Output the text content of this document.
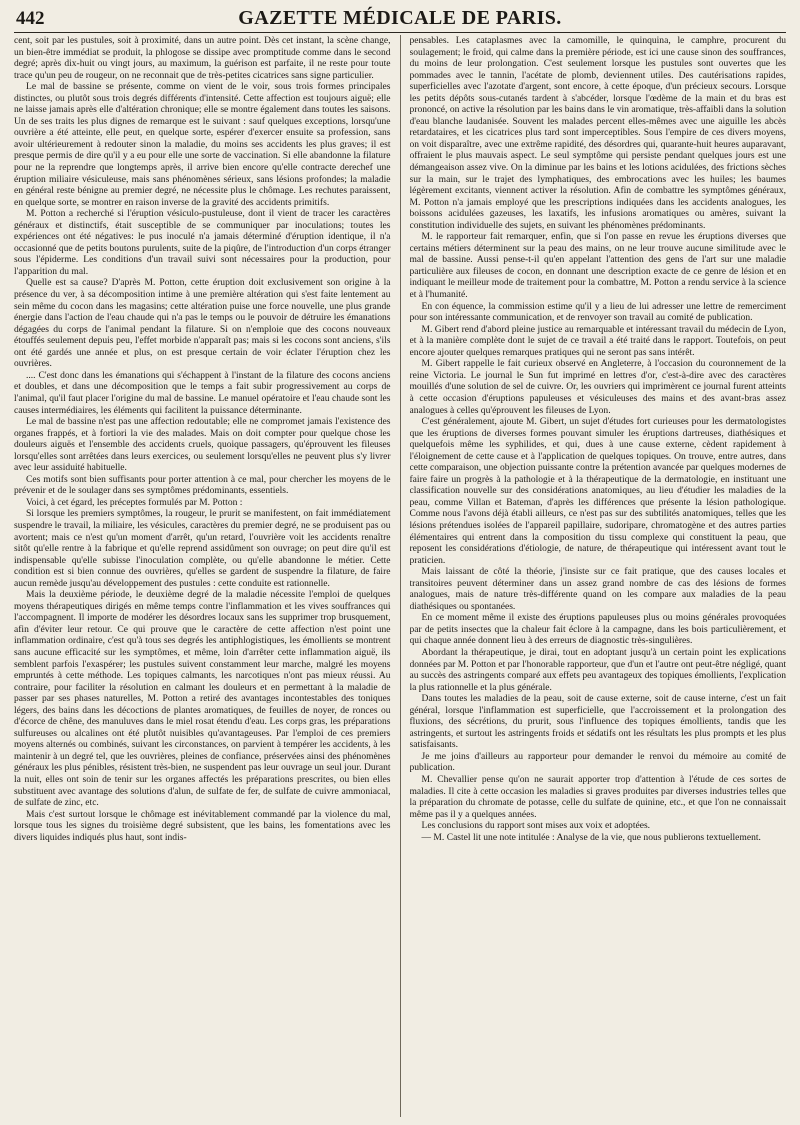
442	GAZETTE MÉDICALE DE PARIS.

cent, soit par les pustules, soit à proximité, dans un autre point. Dès cet instant, la scène change, un bien-être immédiat se produit, la phlogose se dissipe avec promptitude comme dans le second degré; après dix-huit ou vingt jours, au maximum, la guérison est parfaite, il ne reste pour toute trace qu'un peu de rougeur, on ne reconnait que de très-petites cicatrices sans signe particulier.

Le mal de bassine se présente, comme on vient de le voir, sous trois formes principales distinctes, ou plutôt sous trois degrés différents d'intensité. Cette affection est toujours aiguë; elle ne laisse jamais après elle d'altération chronique; elle se montre également dans toutes les saisons. Un de ses traits les plus dignes de remarque est le suivant : sauf quelques exceptions, lorsqu'une ouvrière a été atteinte, elle peut, en quelque sorte, espérer d'exercer ensuite sa profession, sans avoir ultérieurement à redouter sinon la maladie, du moins ses accidents les plus graves; il est presque permis de dire qu'il y a eu pour elle une sorte de vaccination. Si elle abandonne la filature pour ne la reprendre que longtemps après, il arrive bien encore qu'elle contracte derechef une éruption miliaire vésiculeuse, mais sans phénomènes sérieux, sans lésions profondes; la maladie en général reste bénigne au premier degré, ne nécessite plus le chômage. Les rechutes paraissent, en quelque sorte, se montrer en raison inverse de la gravité des accidents primitifs.

M. Potton a recherché si l'éruption vésiculo-pustuleuse, dont il vient de tracer les caractères généraux et distinctifs, était susceptible de se communiquer par inoculations; toutes les expériences ont été négatives: le pus inoculé n'a jamais déterminé d'éruption identique, il n'a occasionné que de petits boutons purulents, suite de la piqûre, de l'introduction d'un corps étranger sous l'épiderme. Les conditions d'un travail suivi sont nécessaires pour la production, pour l'apparition du mal.

Quelle est sa cause? D'après M. Potton, cette éruption doit exclusivement son origine à la présence du ver, à sa décomposition intime à une première altération qui s'est faite lentement au sein même du cocon dans les magasins; cette altération puise une force nouvelle, une plus grande énergie dans l'action de l'eau chaude qui n'a pas le temps ou le pouvoir de détruire les émanations dégagées du corps de l'animal pendant la filature. Si on n'emploie que des cocons nouveaux étouffés seulement depuis peu, l'effet morbide n'apparaît pas; mais si les cocons sont anciens, s'ils ont été gardés une année et plus, on est presque certain de voir éclater l'éruption chez les ouvrières.

.... C'est donc dans les émanations qui s'échappent à l'instant de la filature des cocons anciens et doubles, et dans une décomposition que le temps a fait subir progressivement au corps de l'animal, qu'il faut placer l'origine du mal de bassine. Le manuel opératoire et l'eau chaude sont les causes intermédiaires, les éléments qui facilitent la puissance déterminante.

Le mal de bassine n'est pas une affection redoutable; elle ne compromet jamais l'existence des organes frappés, et à fortiori la vie des malades. Mais on doit compter pour quelque chose les douleurs aiguës et l'ensemble des accidents cruels, quoique passagers, qu'éprouvent les fileuses lorsqu'elles sont arrêtées dans leurs exercices, ou seulement lorsqu'elles ne peuvent plus s'y livrer avec leur assiduité habituelle.

Ces motifs sont bien suffisants pour porter attention à ce mal, pour chercher les moyens de le prévenir et de le soulager dans ses symptômes prédominants, essentiels.

Voici, à cet égard, les préceptes formulés par M. Potton :

Si lorsque les premiers symptômes, la rougeur, le prurit se manifestent, on fait immédiatement suspendre le travail, la miliaire, les vésicules, caractères du premier degré, ne se produisent pas ou avortent; mais ce n'est qu'un moment d'arrêt, qu'un retard, l'ouvrière voit les accidents renaître sitôt qu'elle rentre à la fabrique et qu'elle reprend assidûment son ouvrage; on peut dire qu'il est indispensable qu'elle subisse l'inoculation complète, ou qu'elle abandonne le métier. Cette condition est si bien connue des ouvrières, qu'elles se gardent de suspendre la filature, de faire aucun remède jusqu'au développement des pustules : cette conduite est rationnelle.

Mais la deuxième période, le deuxième degré de la maladie nécessite l'emploi de quelques moyens thérapeutiques dirigés en même temps contre l'inflammation et les vives souffrances qui l'accompagnent. Il importe de modérer les désordres locaux sans les supprimer trop brusquement, afin d'éviter leur retour. Ce qui prouve que le caractère de cette affection n'est point une inflammation ordinaire, c'est qu'à tous ses degrés les antiphlogistiques, les émollients se montrent sans aucune efficacité sur les symptômes, et même, loin d'arrêter cette inflammation aiguë, ils semblent parfois l'exaspérer; les pustules suivent constamment leur marche, malgré les moyens empruntés à cette méthode. Les topiques calmants, les narcotiques n'ont pas mieux réussi. Au contraire, pour faciliter la résolution en calmant les douleurs et en permettant à la maladie de passer par ses phases naturelles, M. Potton a retiré des avantages incontestables des toniques légers, des bains dans les décoctions de plantes aromatiques, de feuilles de noyer, de ronces ou d'écorce de chêne, des manuluves dans le miel rosat étendu d'eau. Les corps gras, les préparations sulfureuses ou alcalines ont été plutôt nuisibles qu'avantageuses. Par l'emploi de ces premiers moyens alternés ou combinés, suivant les circonstances, on parvient à tempérer les accidents, à les maintenir à un degré tel, que les ouvrières, pleines de confiance, préservées ainsi des phénomènes généraux les plus pénibles, résistent très-bien, ne suspendent pas leur ouvrage un seul jour. Durant la nuit, elles ont soin de tenir sur les organes affectés les préparations prescrites, ou bien elles substituent avec avantage des solutions d'alun, de sulfate de fer, de sulfate de cuivre ammoniacal, de sulfate de zinc, etc.

Mais c'est surtout lorsque le chômage est inévitablement commandé par la violence du mal, lorsque tous les signes du troisième degré subsistent, que les bains, les fomentations avec les divers liquides indiqués plus haut, sont indis-

pensables. Les cataplasmes avec la camomille, le quinquina, le camphre, procurent du soulagement; le froid, qui calme dans la première période, est ici une cause sinon des souffrances, du moins de leur prolongation. C'est seulement lorsque les pustules sont ouvertes que les pommades avec le tannin, l'acétate de plomb, deviennent utiles. Des cautérisations rapides, superficielles avec l'azotate d'argent, sont encore, à cette époque, d'un précieux secours. Lorsque les petits dépôts sous-cutanés tardent à s'abcéder, lorsque l'œdème de la main et du bras est prononcé, on active la résolution par les bains dans le vin aromatique, très-affaibli dans la solution d'eau blanche laudanisée. Souvent les malades percent elles-mêmes avec une aiguille les abcès retardataires, et les cicatrices plus tard sont imperceptibles. Sous l'empire de ces divers moyens, on voit disparaître, avec une extrême rapidité, des désordres qui, quarante-huit heures auparavant, offraient le plus mauvais aspect. Le seul symptôme qui persiste pendant quelques jours est une démangeaison assez vive. On la diminue par les bains et les lotions acidulées, des frictions sèches sur la main, sur le trajet des lymphatiques, des embrocations avec les huiles; les baumes légèrement excitants, viennent activer la résolution. Afin de combattre les symptômes généraux, M. Potton n'a jamais employé que les prescriptions indiquées dans les accidents analogues, les boissons acidulées gazeuses, les laxatifs, les infusions aromatiques ou amères, suivant la constitution individuelle des sujets, en suivant les phénomènes prédominants.

M. le rapporteur fait remarquer, enfin, que si l'on passe en revue les éruptions diverses que certains métiers déterminent sur la peau des mains, on ne leur trouve aucune similitude avec le mal de bassine. Aussi pense-t-il qu'en appelant l'attention des gens de l'art sur une maladie particulière aux fileuses de cocon, en donnant une description exacte de ce genre de lésion et en indiquant le meilleur mode de traitement pour la combattre, M. Potton a rendu service à la science et à l'humanité.

En con équence, la commission estime qu'il y a lieu de lui adresser une lettre de remerciment pour son intéressante communication, et de renvoyer son travail au comité de publication.

M. Gibert rend d'abord pleine justice au remarquable et intéressant travail du médecin de Lyon, et à la manière complète dont le sujet de ce travail a été traité dans le rapport. Toutefois, on peut encore ajouter quelques remarques pratiques qui ne seront pas sans intérêt.

M. Gibert rappelle le fait curieux observé en Angleterre, à l'occasion du couronnement de la reine Victoria. Le journal le Sun fut imprimé en lettres d'or, c'est-à-dire avec des caractères mouillés d'une solution de sel de cuivre. Or, les ouvriers qui imprimèrent ce journal furent atteints à cette occasion d'éruptions papuleuses et vésiculeuses des mains et des avant-bras assez analogues à celles qu'éprouvent les fileuses de Lyon.

C'est généralement, ajoute M. Gibert, un sujet d'études fort curieuses pour les dermatologistes que les éruptions de diverses formes pouvant simuler les éruptions dartreuses, diathésiques et quelquefois même les syphilides, et qui, dues à une cause externe, cèdent rapidement à l'éloignement de cette cause et à l'application de quelques topiques. On trouve, entre autres, dans cette comparaison, une objection puissante contre la prétention avancée par quelques modernes de faire faire un progrès à la pathologie et à la thérapeutique de la dermatologie, en instituant une classification nouvelle sur des considérations anatomiques, au lieu d'étudier les maladies de la peau, comme Villan et Bateman, d'après les différences que présente la lésion pathologique. Comme nous l'avons déjà établi ailleurs, ce n'est pas sur des subtilités anatomiques, telles que les lésions prétendues isolées de l'appareil papillaire, sudoripare, chromatogène et des autres parties élémentaires qui entrent dans la composition du tissu complexe qui constituent la peau, que reposent les considérations d'étiologie, de nature, de thérapeutique qui intéressent avant tout le praticien.

Mais laissant de côté la théorie, j'insiste sur ce fait pratique, que des causes locales et transitoires peuvent déterminer dans un assez grand nombre de cas des lésions de formes analogues, mais de nature très-différente quand on les compare aux maladies de la peau diathésiques ou spontanées.

En ce moment même il existe des éruptions papuleuses plus ou moins générales provoquées par de petits insectes que la chaleur fait éclore à la campagne, dans les bois particulièrement, et qui chaque année donnent lieu à des erreurs de diagnostic très-singulières.

Abordant la thérapeutique, je dirai, tout en adoptant jusqu'à un certain point les explications données par M. Potton et par l'honorable rapporteur, que d'un et l'autre ont peut-être négligé, quant au succès des astringents comparé aux effets peu avantageux des topiques émollients, l'explication la plus rationnelle et la plus générale.

Dans toutes les maladies de la peau, soit de cause externe, soit de cause interne, c'est un fait général, lorsque l'inflammation est superficielle, que l'accroissement et la prolongation des fluxions, des sécrétions, du prurit, sous l'influence des topiques émollients, tandis que les astringents, et surtout les astringents froids et sédatifs ont les résultats les plus prompts et les plus satisfaisants.

Je me joins d'ailleurs au rapporteur pour demander le renvoi du mémoire au comité de publication.

M. Chevallier pense qu'on ne saurait apporter trop d'attention à l'étude de ces sortes de maladies. Il cite à cette occasion les maladies si graves produites par diverses industries telles que la préparation du chromate de potasse, celle du sulfate de quinine, etc., et que l'on ne connaissait même pas il y a quelques années.

Les conclusions du rapport sont mises aux voix et adoptées.

— M. Castel lit une note intitulée : Analyse de la vie, que nous publierons textuellement.
